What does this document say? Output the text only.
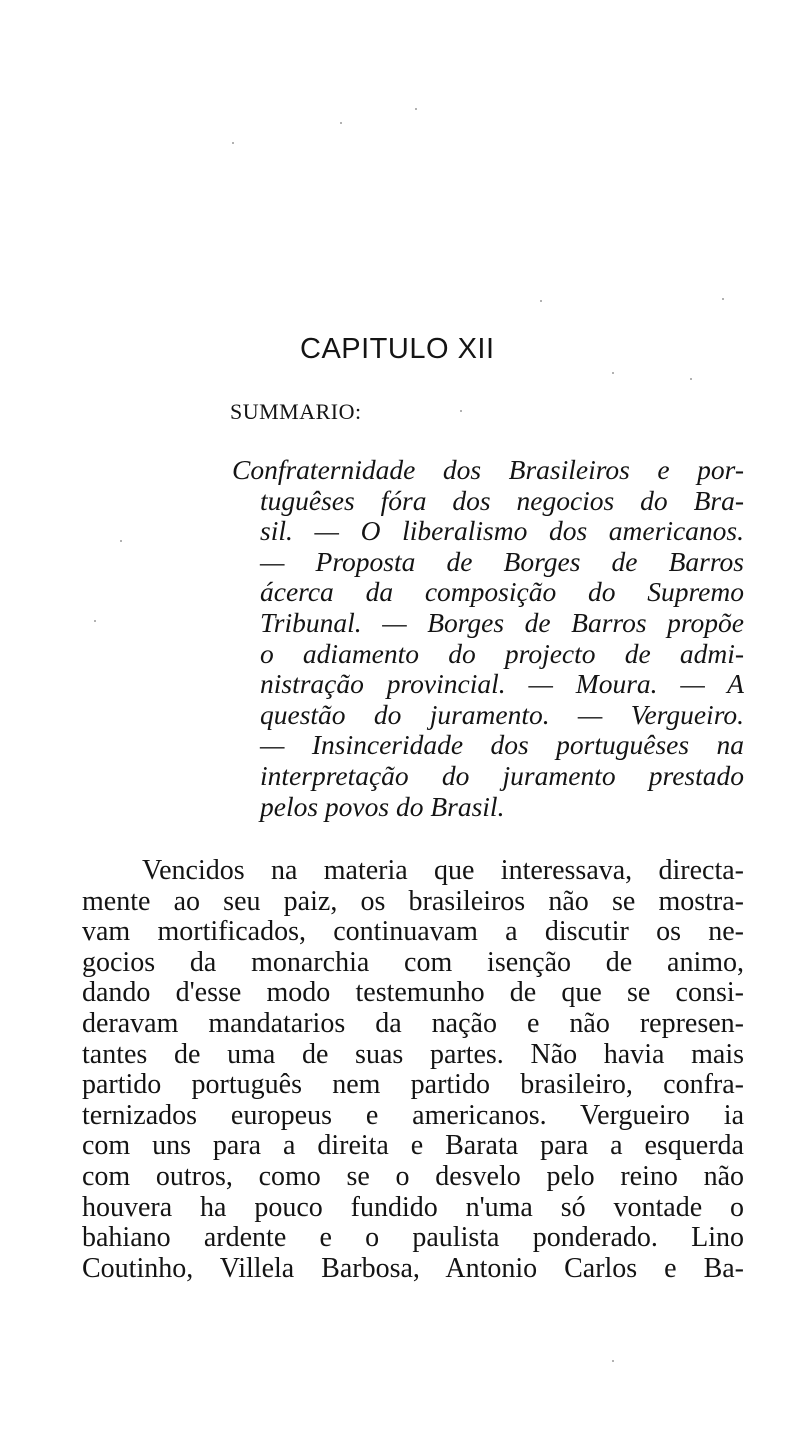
CAPITULO XII
SUMMARIO:
Confraternidade dos Brasileiros e por-
tuguêses fóra dos negocios do Bra-
sil. — O liberalismo dos americanos.
— Proposta de Borges de Barros
ácerca da composição do Supremo
Tribunal. — Borges de Barros propõe
o adiamento do projecto de admi-
nistração provincial. — Moura. — A
questão do juramento. — Vergueiro.
— Insinceridade dos portuguêses na
interpretação do juramento prestado
pelos povos do Brasil.
Vencidos na materia que interessava, directa-
mente ao seu paiz, os brasileiros não se mostra-
vam mortificados, continuavam a discutir os ne-
gocios da monarchia com isenção de animo,
dando d'esse modo testemunho de que se consi-
deravam mandatarios da nação e não represen-
tantes de uma de suas partes. Não havia mais
partido português nem partido brasileiro, confra-
ternizados europeus e americanos. Vergueiro ia
com uns para a direita e Barata para a esquerda
com outros, como se o desvelo pelo reino não
houvera ha pouco fundido n'uma só vontade o
bahiano ardente e o paulista ponderado. Lino
Coutinho, Villela Barbosa, Antonio Carlos e Ba-
